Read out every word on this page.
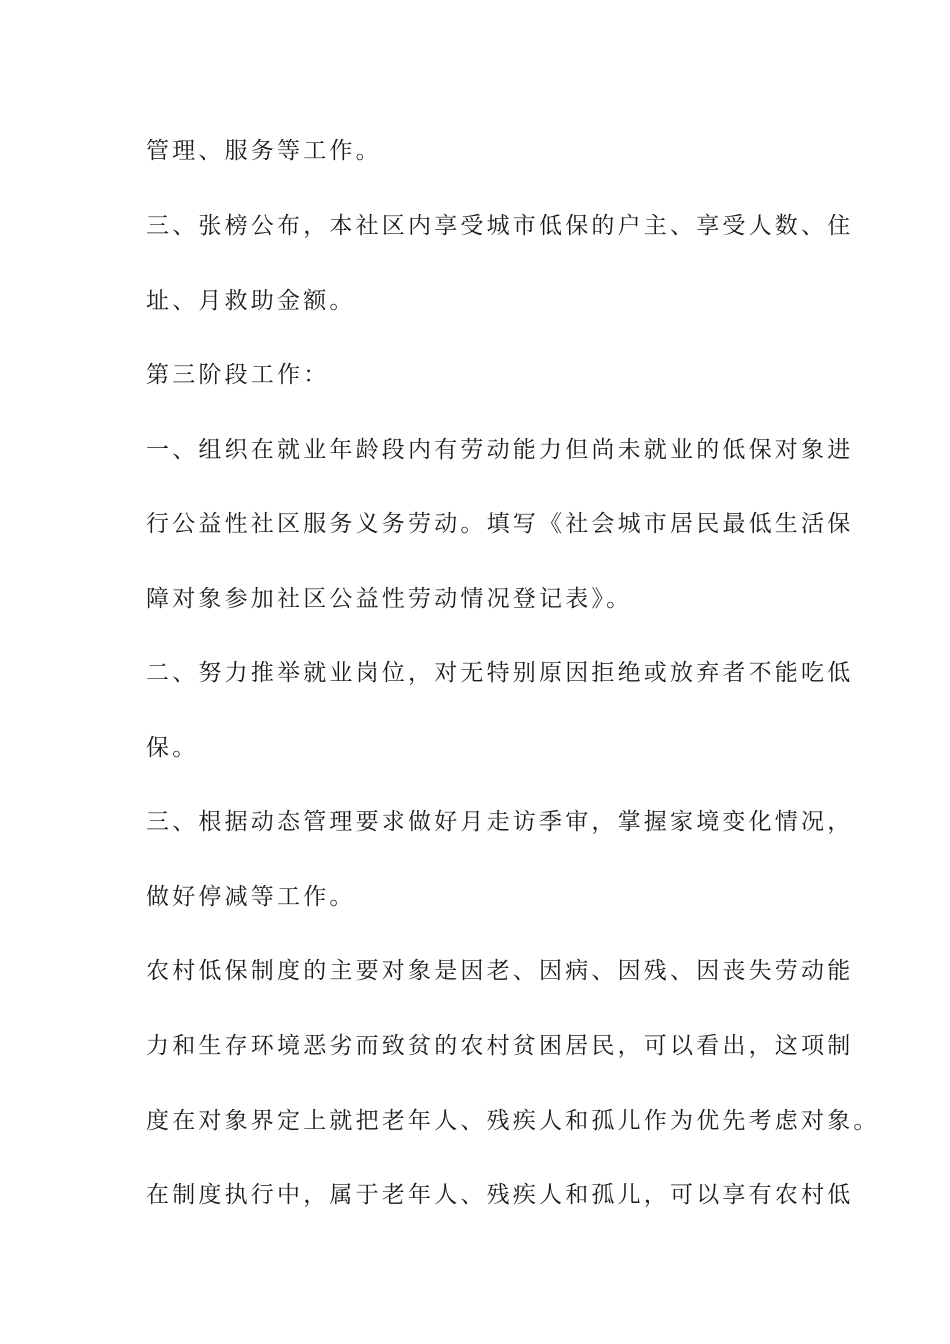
管理、服务等工作。

三、张榜公布，本社区内享受城市低保的户主、享受人数、住

址、月救助金额。

第三阶段工作：

一、组织在就业年龄段内有劳动能力但尚未就业的低保对象进

行公益性社区服务义务劳动。填写《社会城市居民最低生活保

障对象参加社区公益性劳动情况登记表》。

二、努力推举就业岗位，对无特别原因拒绝或放弃者不能吃低

保。

三、根据动态管理要求做好月走访季审，掌握家境变化情况，

做好停减等工作。

农村低保制度的主要对象是因老、因病、因残、因丧失劳动能

力和生存环境恶劣而致贫的农村贫困居民，可以看出，这项制

度在对象界定上就把老年人、残疾人和孤儿作为优先考虑对象。

在制度执行中，属于老年人、残疾人和孤儿，可以享有农村低
